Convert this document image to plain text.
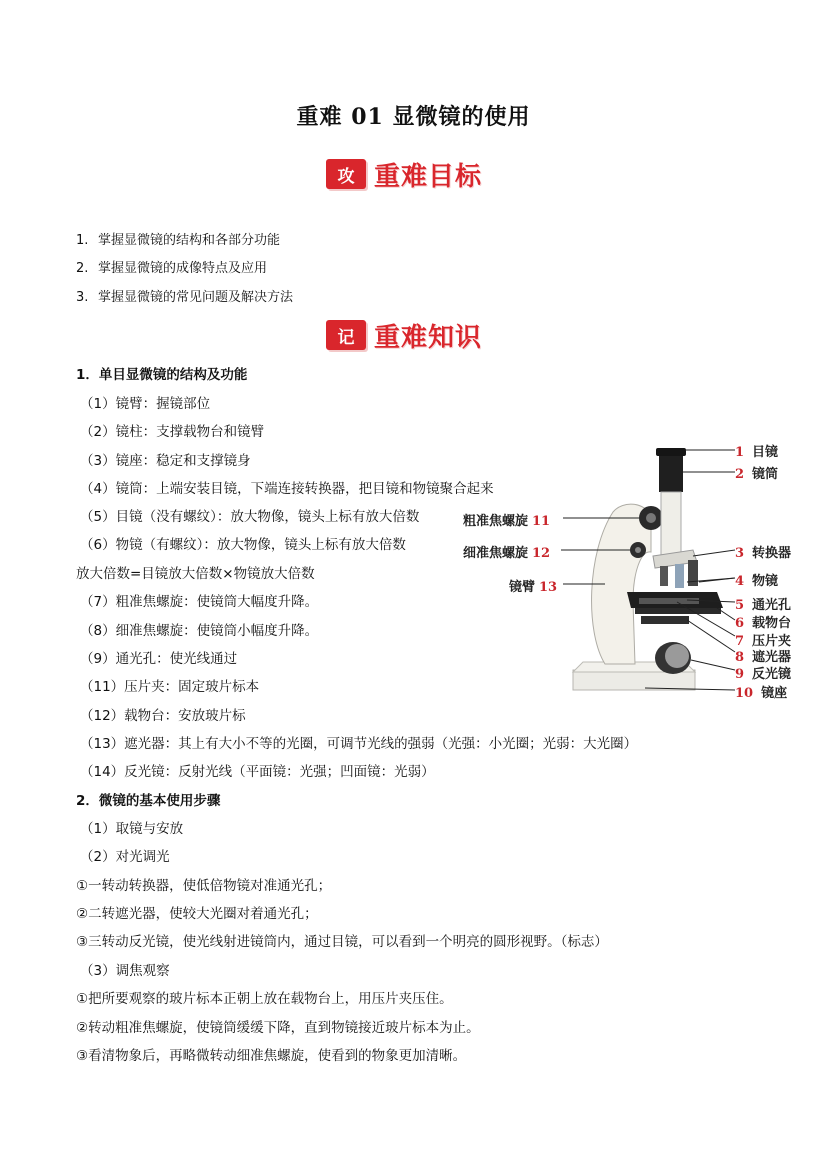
重难 01 显微镜的使用
攻 重难目标
1. 掌握显微镜的结构和各部分功能
2. 掌握显微镜的成像特点及应用
3. 掌握显微镜的常见问题及解决方法
记 重难知识
1．单目显微镜的结构及功能
（1）镜臂：握镜部位
（2）镜柱：支撑载物台和镜臂
（3）镜座：稳定和支撑镜身
（4）镜筒：上端安装目镜，下端连接转换器，把目镜和物镜聚合起来
（5）目镜（没有螺纹）：放大物像，镜头上标有放大倍数
（6）物镜（有螺纹）：放大物像，镜头上标有放大倍数
放大倍数=目镜放大倍数×物镜放大倍数
（7）粗准焦螺旋：使镜筒大幅度升降。
（8）细准焦螺旋：使镜筒小幅度升降。
（9）通光孔：使光线通过
（11）压片夹：固定玻片标本
（12）载物台：安放玻片标
（13）遮光器：其上有大小不等的光圈，可调节光线的强弱（光强：小光圈；光弱：大光圈）
（14）反光镜：反射光线（平面镜：光强；凹面镜：光弱）
2．微镜的基本使用步骤
（1）取镜与安放
（2）对光调光
①一转动转换器，使低倍物镜对准通光孔；
②二转遮光器，使较大光圈对着通光孔；
③三转动反光镜，使光线射进镜筒内，通过目镜，可以看到一个明亮的圆形视野。（标志）
（3）调焦观察
①把所要观察的玻片标本正朝上放在载物台上，用压片夹压住。
②转动粗准焦螺旋，使镜筒缓缓下降，直到物镜接近玻片标本为止。
③看清物象后，再略微转动细准焦螺旋，使看到的物象更加清晰。
1 目镜
2 镜筒
3 转换器
4 物镜
5 通光孔
6 载物台
7 压片夹
8 遮光器
9 反光镜
10 镜座
粗准焦螺旋 11
细准焦螺旋 12
镜臂 13
